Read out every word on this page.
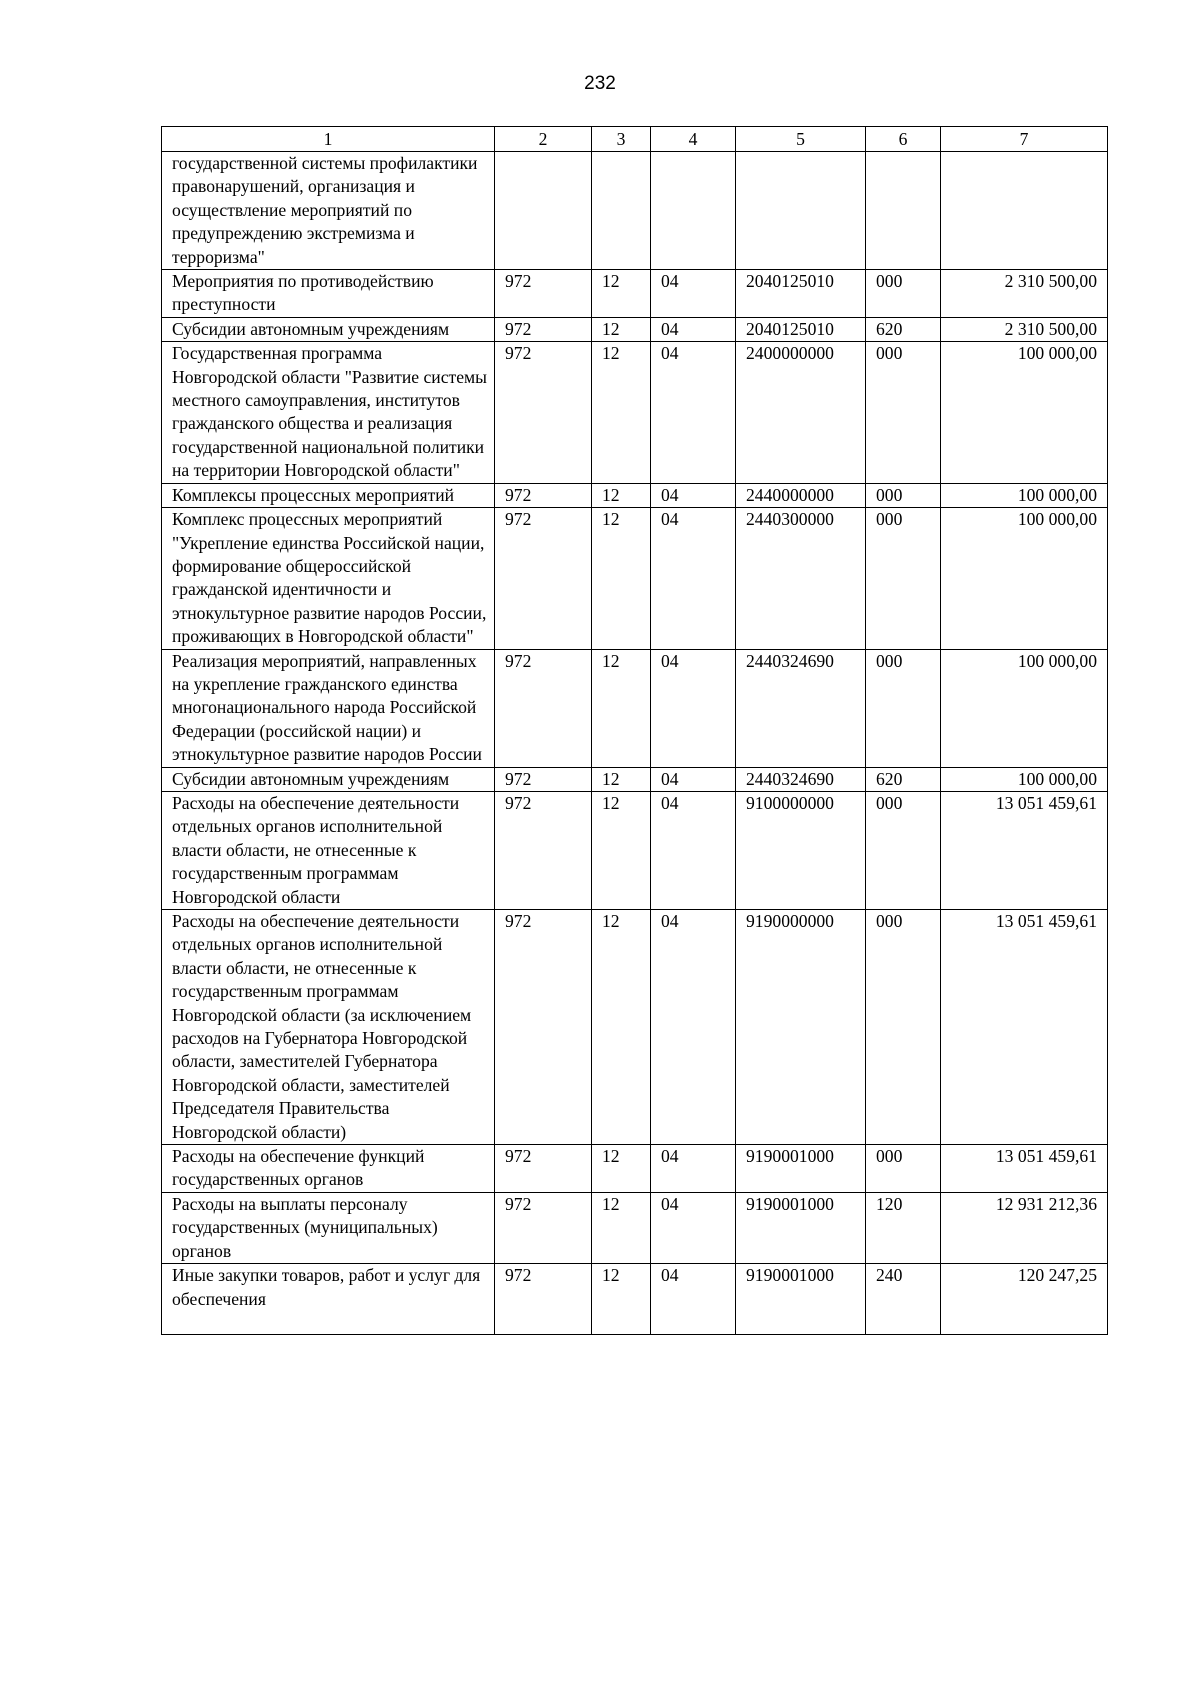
232
1	2	3	4	5	6	7
государственной системы профилактики правонарушений, организация и осуществление мероприятий по предупреждению экстремизма и терроризма"						
Мероприятия по противодействию преступности	972	12	04	2040125010	000	2 310 500,00
Субсидии автономным учреждениям	972	12	04	2040125010	620	2 310 500,00
Государственная программа Новгородской области "Развитие системы местного самоуправления, институтов гражданского общества и реализация государственной национальной политики на территории Новгородской области"	972	12	04	2400000000	000	100 000,00
Комплексы процессных мероприятий	972	12	04	2440000000	000	100 000,00
Комплекс процессных мероприятий "Укрепление единства Российской нации, формирование общероссийской гражданской идентичности и этнокультурное развитие народов России, проживающих в Новгородской области"	972	12	04	2440300000	000	100 000,00
Реализация мероприятий, направленных на укрепление гражданского единства многонационального народа Российской Федерации (российской нации) и этнокультурное развитие народов России	972	12	04	2440324690	000	100 000,00
Субсидии автономным учреждениям	972	12	04	2440324690	620	100 000,00
Расходы на обеспечение деятельности отдельных органов исполнительной власти области, не отнесенные к государственным программам Новгородской области	972	12	04	9100000000	000	13 051 459,61
Расходы на обеспечение деятельности отдельных органов исполнительной власти области, не отнесенные к государственным программам Новгородской области (за исключением расходов на Губернатора Новгородской области, заместителей Губернатора Новгородской области, заместителей Председателя Правительства Новгородской области)	972	12	04	9190000000	000	13 051 459,61
Расходы на обеспечение функций государственных органов	972	12	04	9190001000	000	13 051 459,61
Расходы на выплаты персоналу государственных (муниципальных) органов	972	12	04	9190001000	120	12 931 212,36
Иные закупки товаров, работ и услуг для обеспечения	972	12	04	9190001000	240	120 247,25
